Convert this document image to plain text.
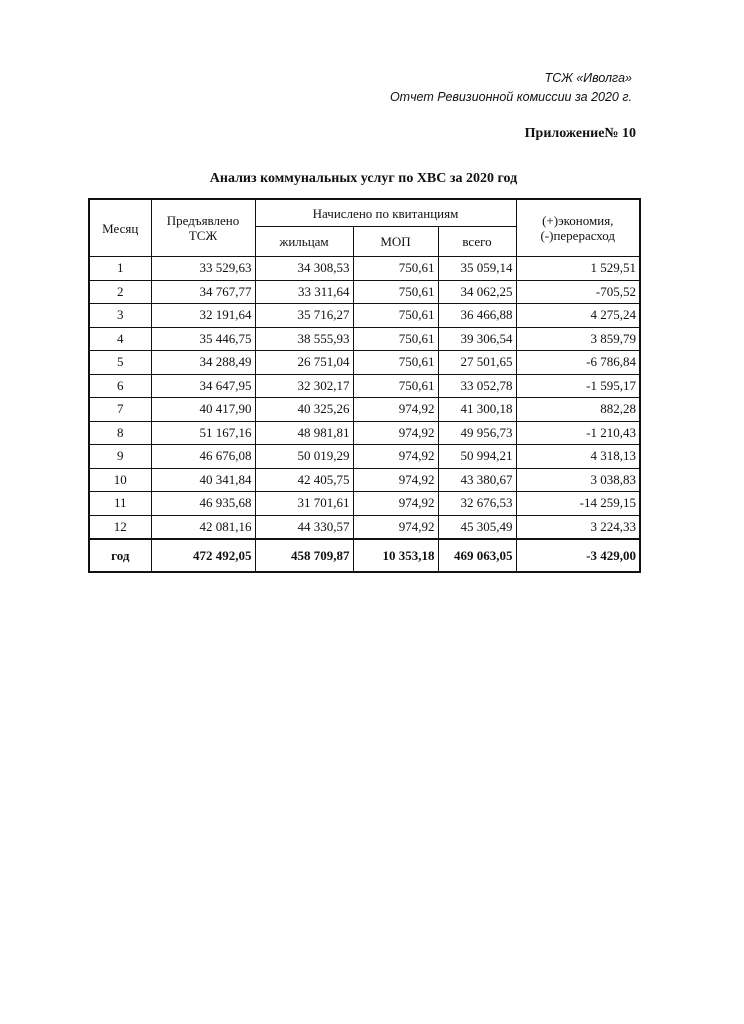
ТСЖ «Иволга»
Отчет Ревизионной комиссии за 2020 г.
Приложение№ 10
Анализ коммунальных услуг по ХВС за 2020 год
Месяц	Предъявлено ТСЖ	Начислено по квитанциям			(+)экономия, (-)перерасход
		жильцам	МОП	всего	
1	33 529,63	34 308,53	750,61	35 059,14	1 529,51
2	34 767,77	33 311,64	750,61	34 062,25	-705,52
3	32 191,64	35 716,27	750,61	36 466,88	4 275,24
4	35 446,75	38 555,93	750,61	39 306,54	3 859,79
5	34 288,49	26 751,04	750,61	27 501,65	-6 786,84
6	34 647,95	32 302,17	750,61	33 052,78	-1 595,17
7	40 417,90	40 325,26	974,92	41 300,18	882,28
8	51 167,16	48 981,81	974,92	49 956,73	-1 210,43
9	46 676,08	50 019,29	974,92	50 994,21	4 318,13
10	40 341,84	42 405,75	974,92	43 380,67	3 038,83
11	46 935,68	31 701,61	974,92	32 676,53	-14 259,15
12	42 081,16	44 330,57	974,92	45 305,49	3 224,33
год	472 492,05	458 709,87	10 353,18	469 063,05	-3 429,00
